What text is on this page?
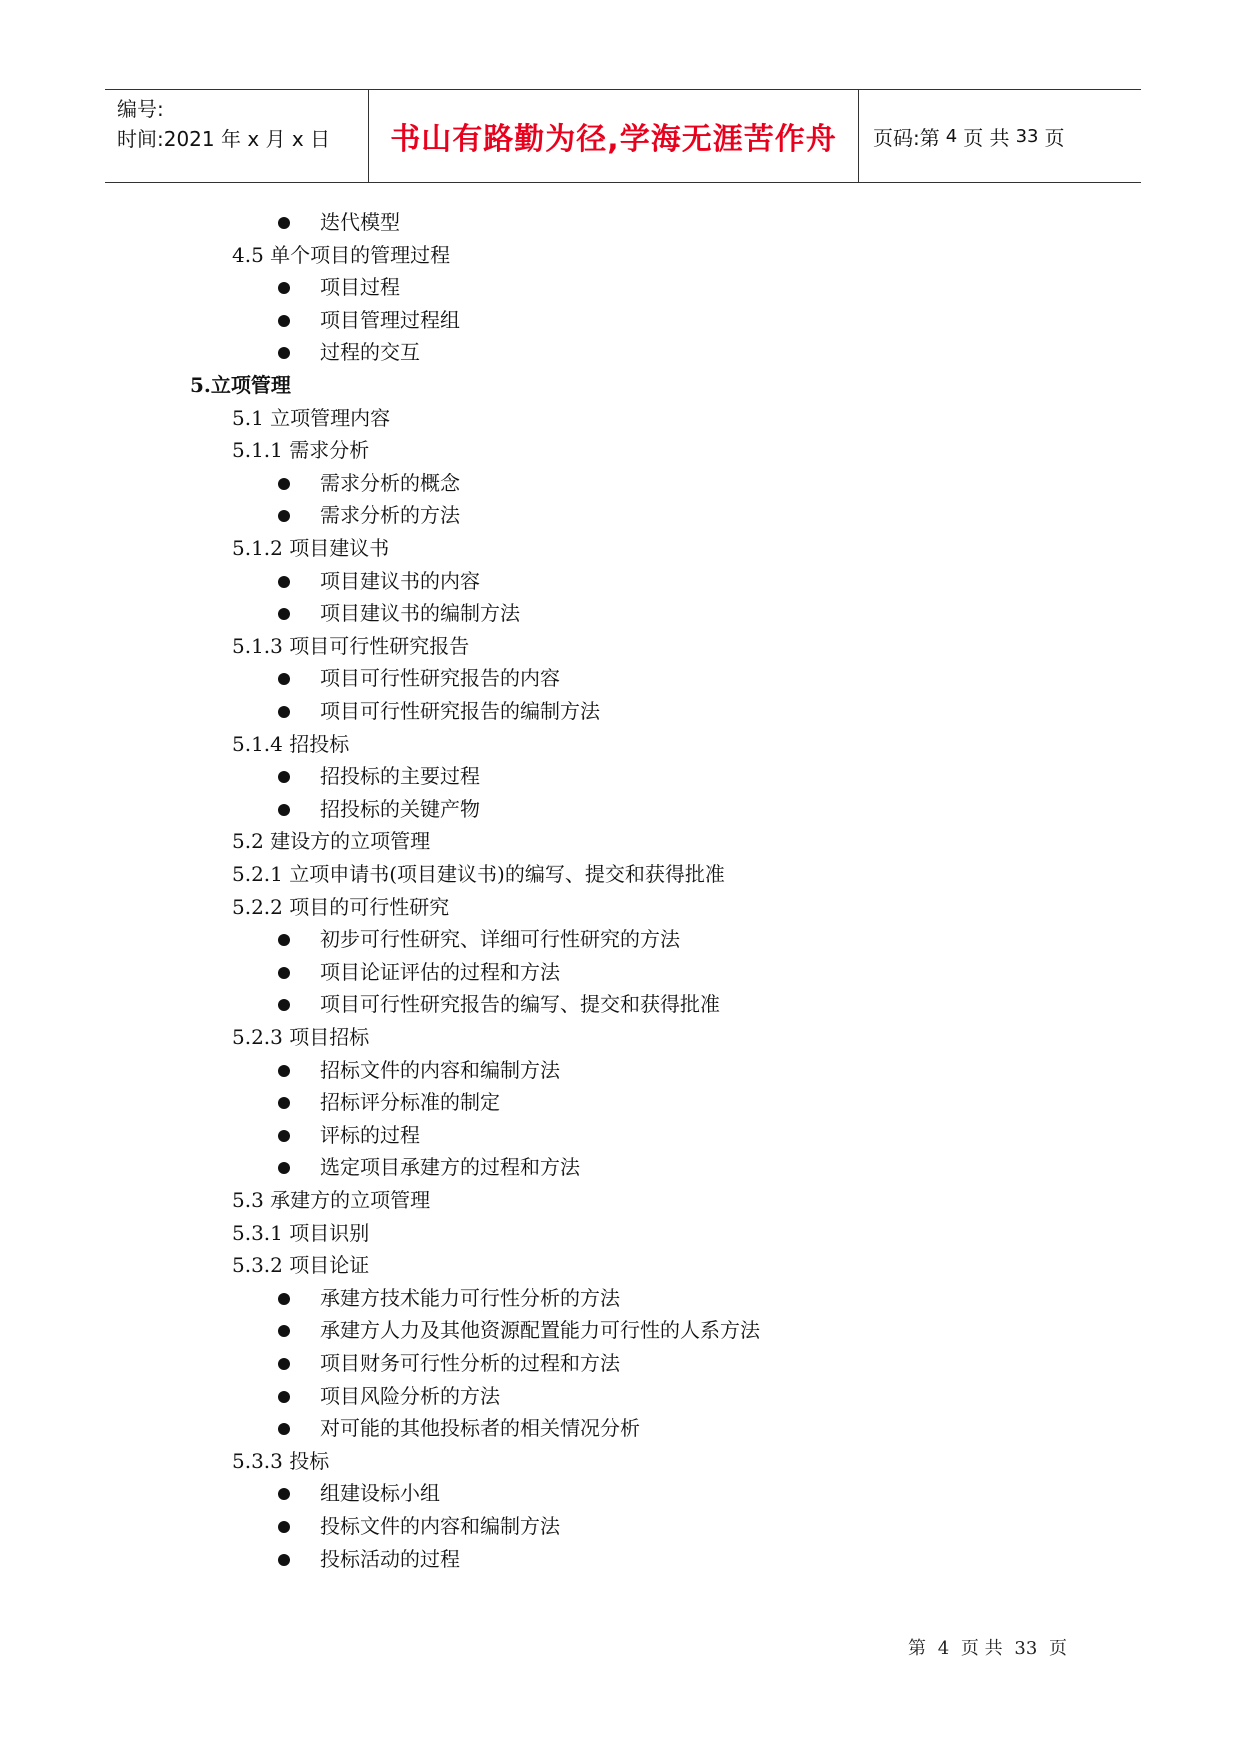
编号:
时间:2021 年 x 月 x 日	书山有路勤为径,学海无涯苦作舟 页码:第 4 页 共 33 页
迭代模型
4.5 单个项目的管理过程
项目过程
项目管理过程组
过程的交互
5.立项管理
5.1 立项管理内容
5.1.1 需求分析
需求分析的概念
需求分析的方法
5.1.2 项目建议书
项目建议书的内容
项目建议书的编制方法
5.1.3 项目可行性研究报告
项目可行性研究报告的内容
项目可行性研究报告的编制方法
5.1.4 招投标
招投标的主要过程
招投标的关键产物
5.2 建设方的立项管理
5.2.1 立项申请书(项目建议书)的编写、提交和获得批准
5.2.2 项目的可行性研究
初步可行性研究、详细可行性研究的方法
项目论证评估的过程和方法
项目可行性研究报告的编写、提交和获得批准
5.2.3 项目招标
招标文件的内容和编制方法
招标评分标准的制定
评标的过程
选定项目承建方的过程和方法
5.3 承建方的立项管理
5.3.1 项目识别
5.3.2 项目论证
承建方技术能力可行性分析的方法
承建方人力及其他资源配置能力可行性的人系方法
项目财务可行性分析的过程和方法
项目风险分析的方法
对可能的其他投标者的相关情况分析
5.3.3 投标
组建设标小组
投标文件的内容和编制方法
投标活动的过程
第 4 页 共 33 页
